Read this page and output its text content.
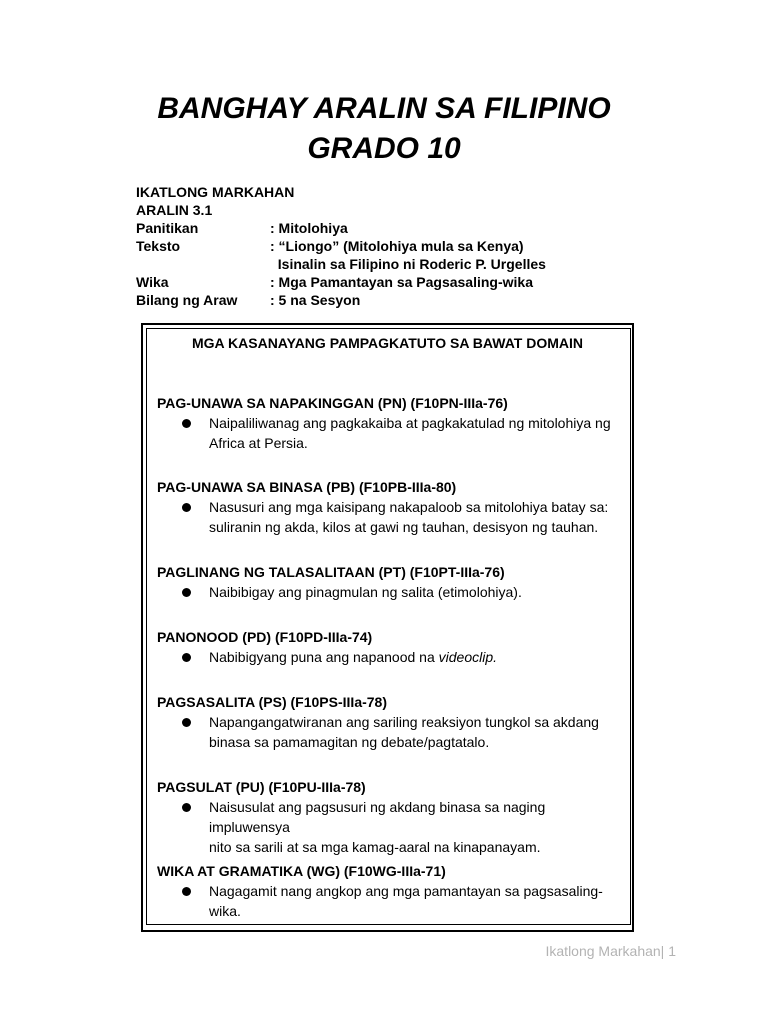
BANGHAY ARALIN SA FILIPINO
GRADO 10
IKATLONG MARKAHAN
ARALIN 3.1
Panitikan	: Mitolohiya
Teksto	: “Liongo” (Mitolohiya mula sa Kenya)
Isinalin sa Filipino ni Roderic P. Urgelles
Wika	: Mga Pamantayan sa Pagsasaling-wika
Bilang ng Araw : 5 na Sesyon
MGA KASANAYANG PAMPAGKATUTO SA BAWAT DOMAIN
PAG-UNAWA SA NAPAKINGGAN (PN) (F10PN-IIIa-76)
Naipaliliwanag ang pagkakaiba at pagkakatulad ng mitolohiya ng
Africa at Persia.
PAG-UNAWA SA BINASA (PB) (F10PB-IIIa-80)
Nasusuri ang mga kaisipang nakapaloob sa mitolohiya batay sa:
suliranin ng akda, kilos at gawi ng tauhan, desisyon ng tauhan.
PAGLINANG NG TALASALITAAN (PT) (F10PT-IIIa-76)
Naibibigay ang pinagmulan ng salita (etimolohiya).
PANONOOD (PD) (F10PD-IIIa-74)
Nabibigyang puna ang napanood na videoclip.
PAGSASALITA (PS) (F10PS-IIIa-78)
Napangangatwiranan ang sariling reaksiyon tungkol sa akdang
binasa sa pamamagitan ng debate/pagtatalo.
PAGSULAT (PU) (F10PU-IIIa-78)
Naisusulat ang pagsusuri ng akdang binasa sa naging impluwensya
nito sa sarili at sa mga kamag-aaral na kinapanayam.
WIKA AT GRAMATIKA (WG) (F10WG-IIIa-71)
Nagagamit nang angkop ang mga pamantayan sa pagsasaling-
wika.
Ikatlong Markahan| 1
